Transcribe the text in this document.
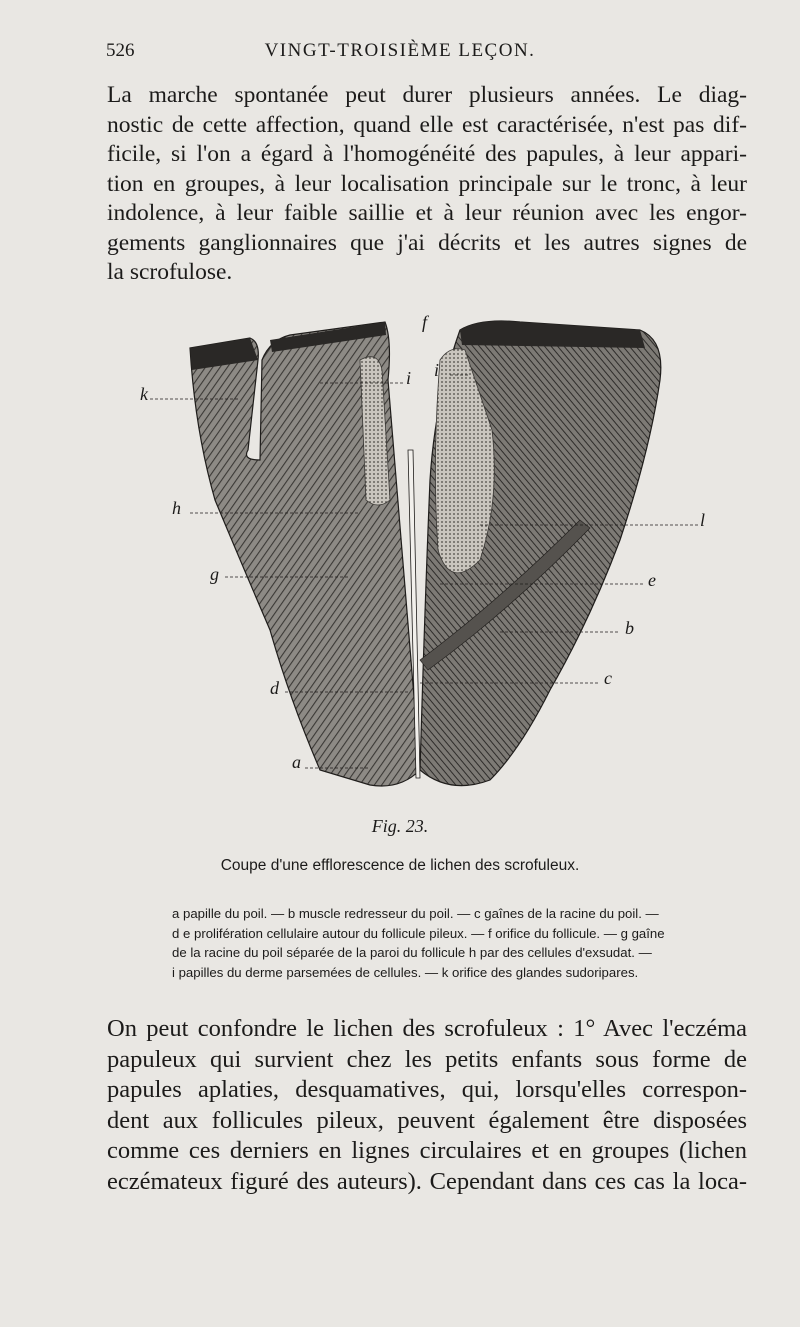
526	VINGT-TROISIÈME LEÇON.
La marche spontanée peut durer plusieurs années. Le diag-
nostic de cette affection, quand elle est caractérisée, n'est pas dif-
ficile, si l'on a égard à l'homogénéité des papules, à leur appari-
tion en groupes, à leur localisation principale sur le tronc, à leur
indolence, à leur faible saillie et à leur réunion avec les engor-
gements ganglionnaires que j'ai décrits et les autres signes de
la scrofulose.
f
i i
k
h
l
g	e
b
c
d
a
Fig. 23.
Coupe d'une efflorescence de lichen des scrofuleux.
a papille du poil. — b muscle redresseur du poil. — c gaînes de la racine du poil. —
d e prolifération cellulaire autour du follicule pileux. — f orifice du follicule. — g gaîne
de la racine du poil séparée de la paroi du follicule h par des cellules d'exsudat. —
i papilles du derme parsemées de cellules. — k orifice des glandes sudoripares.
On peut confondre le lichen des scrofuleux : 1° Avec l'eczéma
papuleux qui survient chez les petits enfants sous forme de
papules aplaties, desquamatives, qui, lorsqu'elles correspon-
dent aux follicules pileux, peuvent également être disposées
comme ces derniers en lignes circulaires et en groupes (lichen
eczémateux figuré des auteurs). Cependant dans ces cas la loca-
